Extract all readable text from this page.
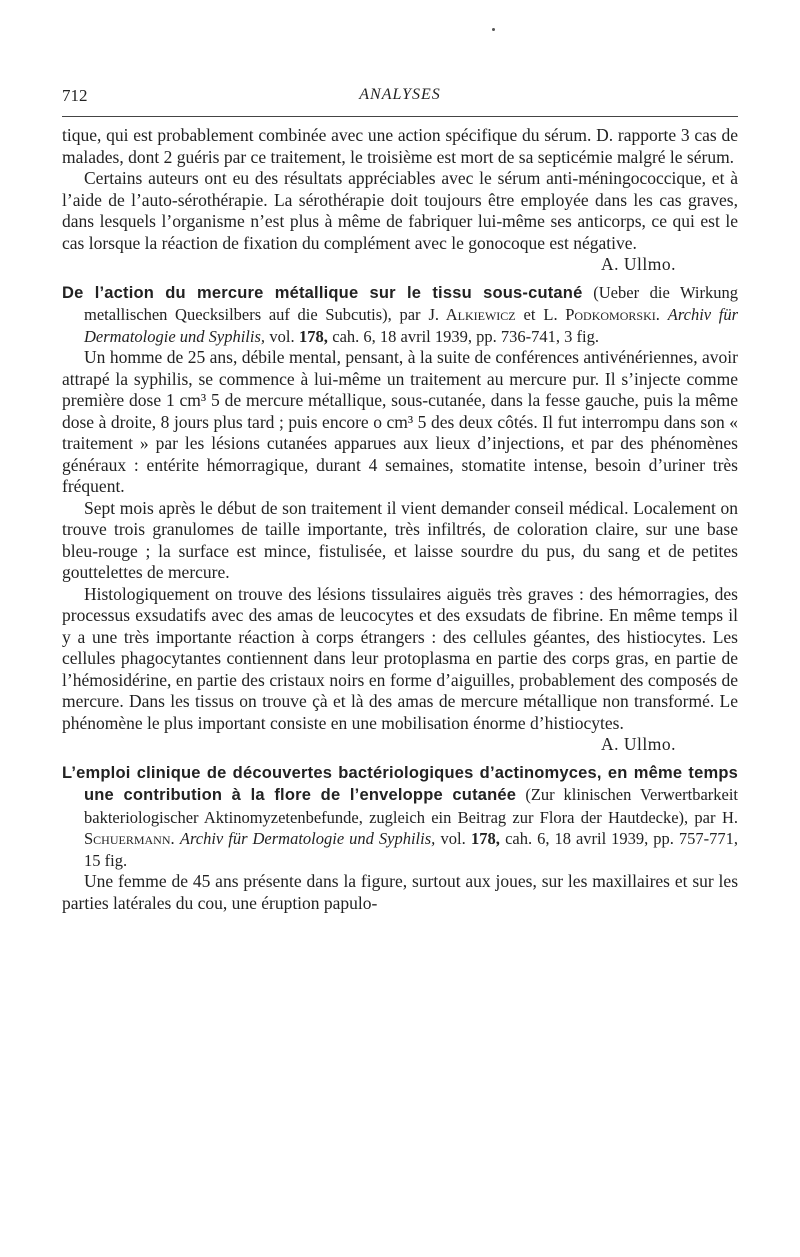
712	ANALYSES

tique, qui est probablement combinée avec une action spécifique du sérum. D. rapporte 3 cas de malades, dont 2 guéris par ce traitement, le troisième est mort de sa septicémie malgré le sérum.

Certains auteurs ont eu des résultats appréciables avec le sérum anti-méningococcique, et à l’aide de l’auto-sérothérapie. La sérothérapie doit toujours être employée dans les cas graves, dans lesquels l’organisme n’est plus à même de fabriquer lui-même ses anticorps, ce qui est le cas lorsque la réaction de fixation du complément avec le gonocoque est négative.

A. Ullmo.

De l’action du mercure métallique sur le tissu sous-cutané (Ueber die Wirkung metallischen Quecksilbers auf die Subcutis), par J. Alkiewicz et L. Podkomorski. Archiv für Dermatologie und Syphilis, vol. 178, cah. 6, 18 avril 1939, pp. 736-741, 3 fig.

Un homme de 25 ans, débile mental, pensant, à la suite de conférences antivénériennes, avoir attrapé la syphilis, se commence à lui-même un traitement au mercure pur. Il s’injecte comme première dose 1 cm³ 5 de mercure métallique, sous-cutanée, dans la fesse gauche, puis la même dose à droite, 8 jours plus tard ; puis encore o cm³ 5 des deux côtés. Il fut interrompu dans son « traitement » par les lésions cutanées apparues aux lieux d’injections, et par des phénomènes généraux : entérite hémorragique, durant 4 semaines, stomatite intense, besoin d’uriner très fréquent.

Sept mois après le début de son traitement il vient demander conseil médical. Localement on trouve trois granulomes de taille importante, très infiltrés, de coloration claire, sur une base bleu-rouge ; la surface est mince, fistulisée, et laisse sourdre du pus, du sang et de petites gouttelettes de mercure.

Histologiquement on trouve des lésions tissulaires aiguës très graves : des hémorragies, des processus exsudatifs avec des amas de leucocytes et des exsudats de fibrine. En même temps il y a une très importante réaction à corps étrangers : des cellules géantes, des histiocytes. Les cellules phagocytantes contiennent dans leur protoplasma en partie des corps gras, en partie de l’hémosidérine, en partie des cristaux noirs en forme d’aiguilles, probablement des composés de mercure. Dans les tissus on trouve çà et là des amas de mercure métallique non transformé. Le phénomène le plus important consiste en une mobilisation énorme d’histiocytes.

A. Ullmo.

L’emploi clinique de découvertes bactériologiques d’actinomyces, en même temps une contribution à la flore de l’enveloppe cutanée (Zur klinischen Verwertbarkeit bakteriologischer Aktinomyzetenbefunde, zugleich ein Beitrag zur Flora der Hautdecke), par H. Schuermann. Archiv für Dermatologie und Syphilis, vol. 178, cah. 6, 18 avril 1939, pp. 757-771, 15 fig.

Une femme de 45 ans présente dans la figure, surtout aux joues, sur les maxillaires et sur les parties latérales du cou, une éruption papulo-
